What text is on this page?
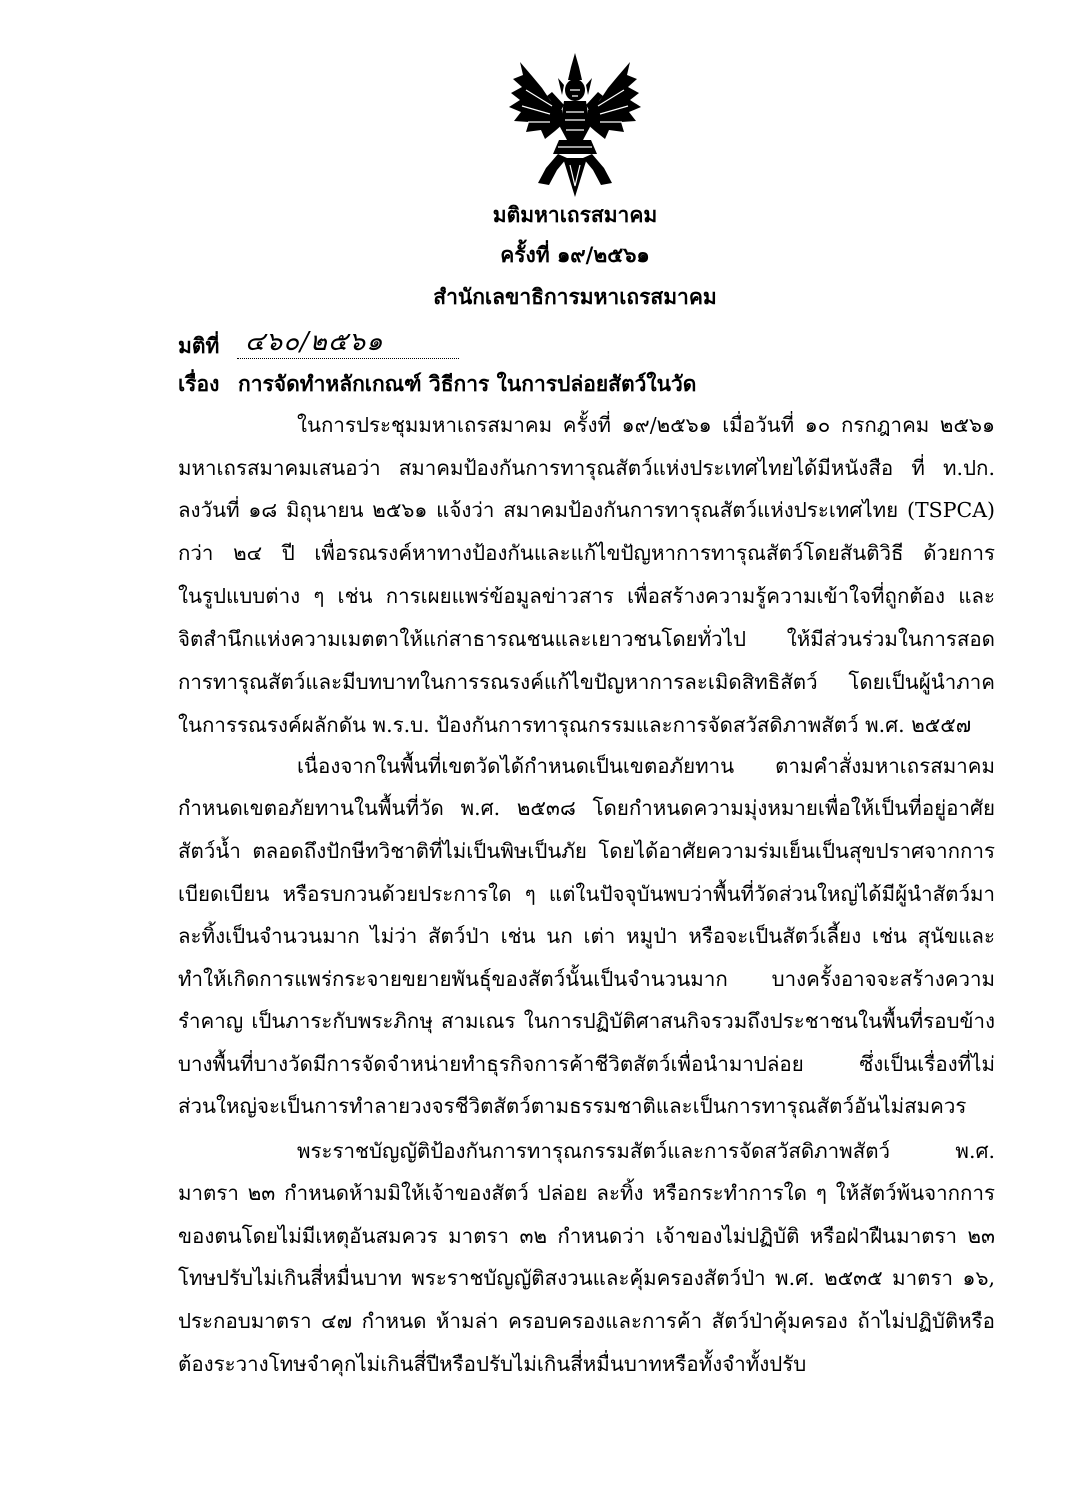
มติมหาเถรสมาคม
ครั้งที่ ๑๙/๒๕๖๑
สำนักเลขาธิการมหาเถรสมาคม
มติที่ ๔๖๐/๒๕๖๑
เรื่อง การจัดทำหลักเกณฑ์ วิธีการ ในการปล่อยสัตว์ในวัด
ในการประชุมมหาเถรสมาคม ครั้งที่ ๑๙/๒๕๖๑ เมื่อวันที่ ๑๐ กรกฎาคม ๒๕๖๑
มหาเถรสมาคมเสนอว่า สมาคมป้องกันการทารุณสัตว์แห่งประเทศไทยได้มีหนังสือ ที่ ท.ปก.
ลงวันที่ ๑๘ มิถุนายน ๒๕๖๑ แจ้งว่า สมาคมป้องกันการทารุณสัตว์แห่งประเทศไทย (TSPCA)
กว่า ๒๔ ปี เพื่อรณรงค์หาทางป้องกันและแก้ไขปัญหาการทารุณสัตว์โดยสันติวิธี ด้วยการ
ในรูปแบบต่าง ๆ เช่น การเผยแพร่ข้อมูลข่าวสาร เพื่อสร้างความรู้ความเข้าใจที่ถูกต้อง และ
จิตสำนึกแห่งความเมตตาให้แก่สาธารณชนและเยาวชนโดยทั่วไป ให้มีส่วนร่วมในการสอด
การทารุณสัตว์และมีบทบาทในการรณรงค์แก้ไขปัญหาการละเมิดสิทธิสัตว์ โดยเป็นผู้นำภาค
ในการรณรงค์ผลักดัน พ.ร.บ. ป้องกันการทารุณกรรมและการจัดสวัสดิภาพสัตว์ พ.ศ. ๒๕๕๗
เนื่องจากในพื้นที่เขตวัดได้กำหนดเป็นเขตอภัยทาน ตามคำสั่งมหาเถรสมาคม
กำหนดเขตอภัยทานในพื้นที่วัด พ.ศ. ๒๕๓๘ โดยกำหนดความมุ่งหมายเพื่อให้เป็นที่อยู่อาศัย
สัตว์น้ำ ตลอดถึงปักษีทวิชาติที่ไม่เป็นพิษเป็นภัย โดยได้อาศัยความร่มเย็นเป็นสุขปราศจากการ
เบียดเบียน หรือรบกวนด้วยประการใด ๆ แต่ในปัจจุบันพบว่าพื้นที่วัดส่วนใหญ่ได้มีผู้นำสัตว์มา
ละทิ้งเป็นจำนวนมาก ไม่ว่า สัตว์ป่า เช่น นก เต่า หมูป่า หรือจะเป็นสัตว์เลี้ยง เช่น สุนัขและ
ทำให้เกิดการแพร่กระจายขยายพันธุ์ของสัตว์นั้นเป็นจำนวนมาก บางครั้งอาจจะสร้างความ
รำคาญ เป็นภาระกับพระภิกษุ สามเณร ในการปฏิบัติศาสนกิจรวมถึงประชาชนในพื้นที่รอบข้าง
บางพื้นที่บางวัดมีการจัดจำหน่ายทำธุรกิจการค้าชีวิตสัตว์เพื่อนำมาปล่อย ซึ่งเป็นเรื่องที่ไม่
ส่วนใหญ่จะเป็นการทำลายวงจรชีวิตสัตว์ตามธรรมชาติและเป็นการทารุณสัตว์อันไม่สมควร
พระราชบัญญัติป้องกันการทารุณกรรมสัตว์และการจัดสวัสดิภาพสัตว์ พ.ศ.
มาตรา ๒๓ กำหนดห้ามมิให้เจ้าของสัตว์ ปล่อย ละทิ้ง หรือกระทำการใด ๆ ให้สัตว์พ้นจากการ
ของตนโดยไม่มีเหตุอันสมควร มาตรา ๓๒ กำหนดว่า เจ้าของไม่ปฏิบัติ หรือฝ่าฝืนมาตรา ๒๓
โทษปรับไม่เกินสี่หมื่นบาท พระราชบัญญัติสงวนและคุ้มครองสัตว์ป่า พ.ศ. ๒๕๓๕ มาตรา ๑๖,
ประกอบมาตรา ๔๗ กำหนด ห้ามล่า ครอบครองและการค้า สัตว์ป่าคุ้มครอง ถ้าไม่ปฏิบัติหรือ
ต้องระวางโทษจำคุกไม่เกินสี่ปีหรือปรับไม่เกินสี่หมื่นบาทหรือทั้งจำทั้งปรับ
